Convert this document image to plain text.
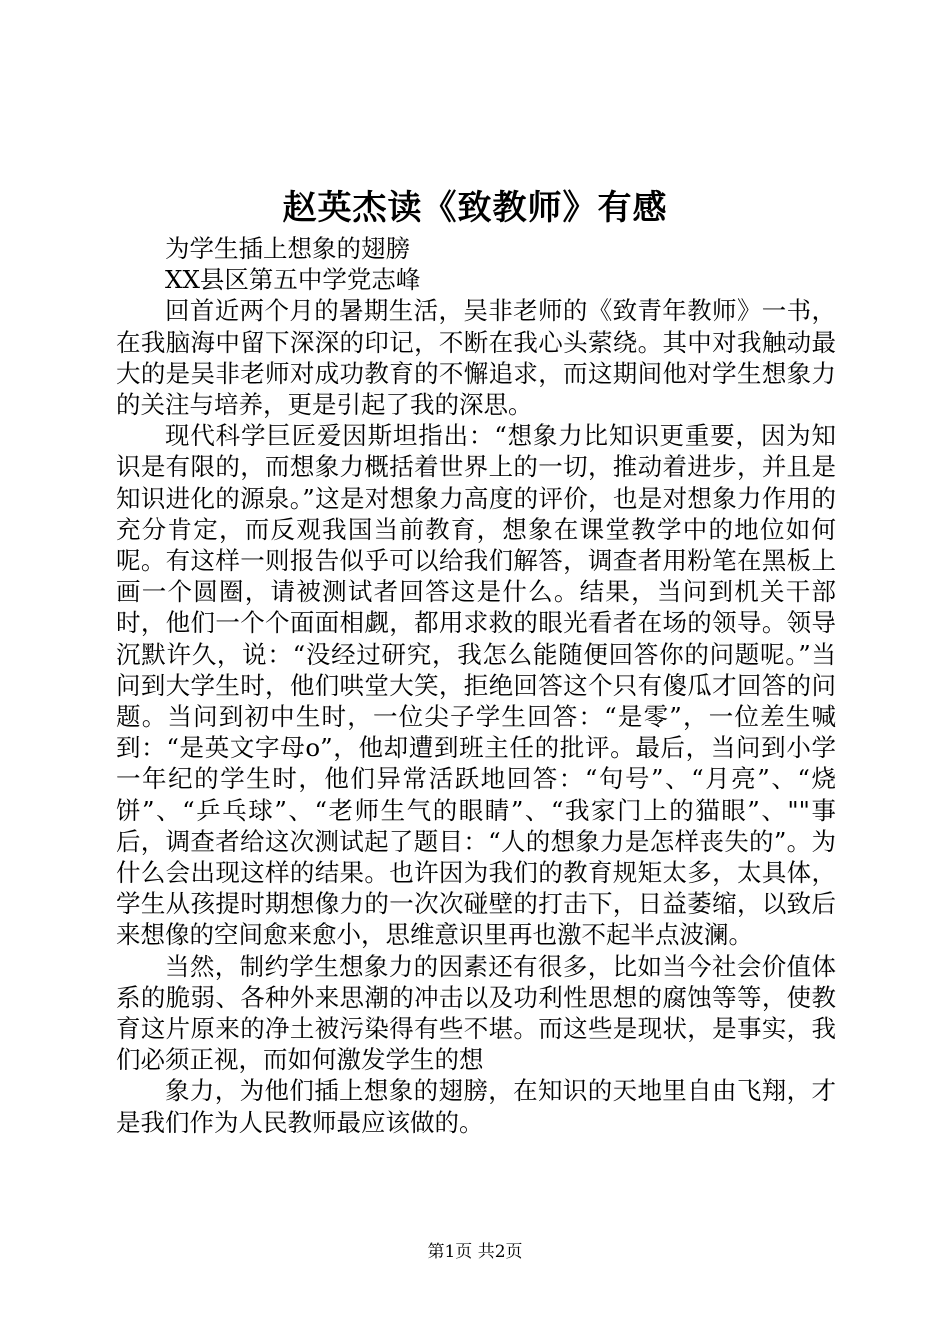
赵英杰读《致教师》有感

为学生插上想象的翅膀

XX县区第五中学党志峰

回首近两个月的暑期生活，吴非老师的《致青年教师》一书，在我脑海中留下深深的印记，不断在我心头萦绕。其中对我触动最大的是吴非老师对成功教育的不懈追求，而这期间他对学生想象力的关注与培养，更是引起了我的深思。

现代科学巨匠爱因斯坦指出：“想象力比知识更重要，因为知识是有限的，而想象力概括着世界上的一切，推动着进步，并且是知识进化的源泉。”这是对想象力高度的评价，也是对想象力作用的充分肯定，而反观我国当前教育，想象在课堂教学中的地位如何呢。有这样一则报告似乎可以给我们解答，调查者用粉笔在黑板上画一个圆圈，请被测试者回答这是什么。结果，当问到机关干部时，他们一个个面面相觑，都用求救的眼光看者在场的领导。领导沉默许久，说：“没经过研究，我怎么能随便回答你的问题呢。”当问到大学生时，他们哄堂大笑，拒绝回答这个只有傻瓜才回答的问题。当问到初中生时，一位尖子学生回答：“是零”，一位差生喊到：“是英文字母o”，他却遭到班主任的批评。最后，当问到小学一年纪的学生时，他们异常活跃地回答：“句号”、“月亮”、“烧饼”、“乒乓球”、“老师生气的眼睛”、“我家门上的猫眼”、""事后，调查者给这次测试起了题目：“人的想象力是怎样丧失的”。为什么会出现这样的结果。也许因为我们的教育规矩太多，太具体，学生从孩提时期想像力的一次次碰壁的打击下，日益萎缩，以致后来想像的空间愈来愈小，思维意识里再也激不起半点波澜。

当然，制约学生想象力的因素还有很多，比如当今社会价值体系的脆弱、各种外来思潮的冲击以及功利性思想的腐蚀等等，使教育这片原来的净土被污染得有些不堪。而这些是现状，是事实，我们必须正视，而如何激发学生的想

象力，为他们插上想象的翅膀，在知识的天地里自由飞翔，才是我们作为人民教师最应该做的。

第1页 共2页
